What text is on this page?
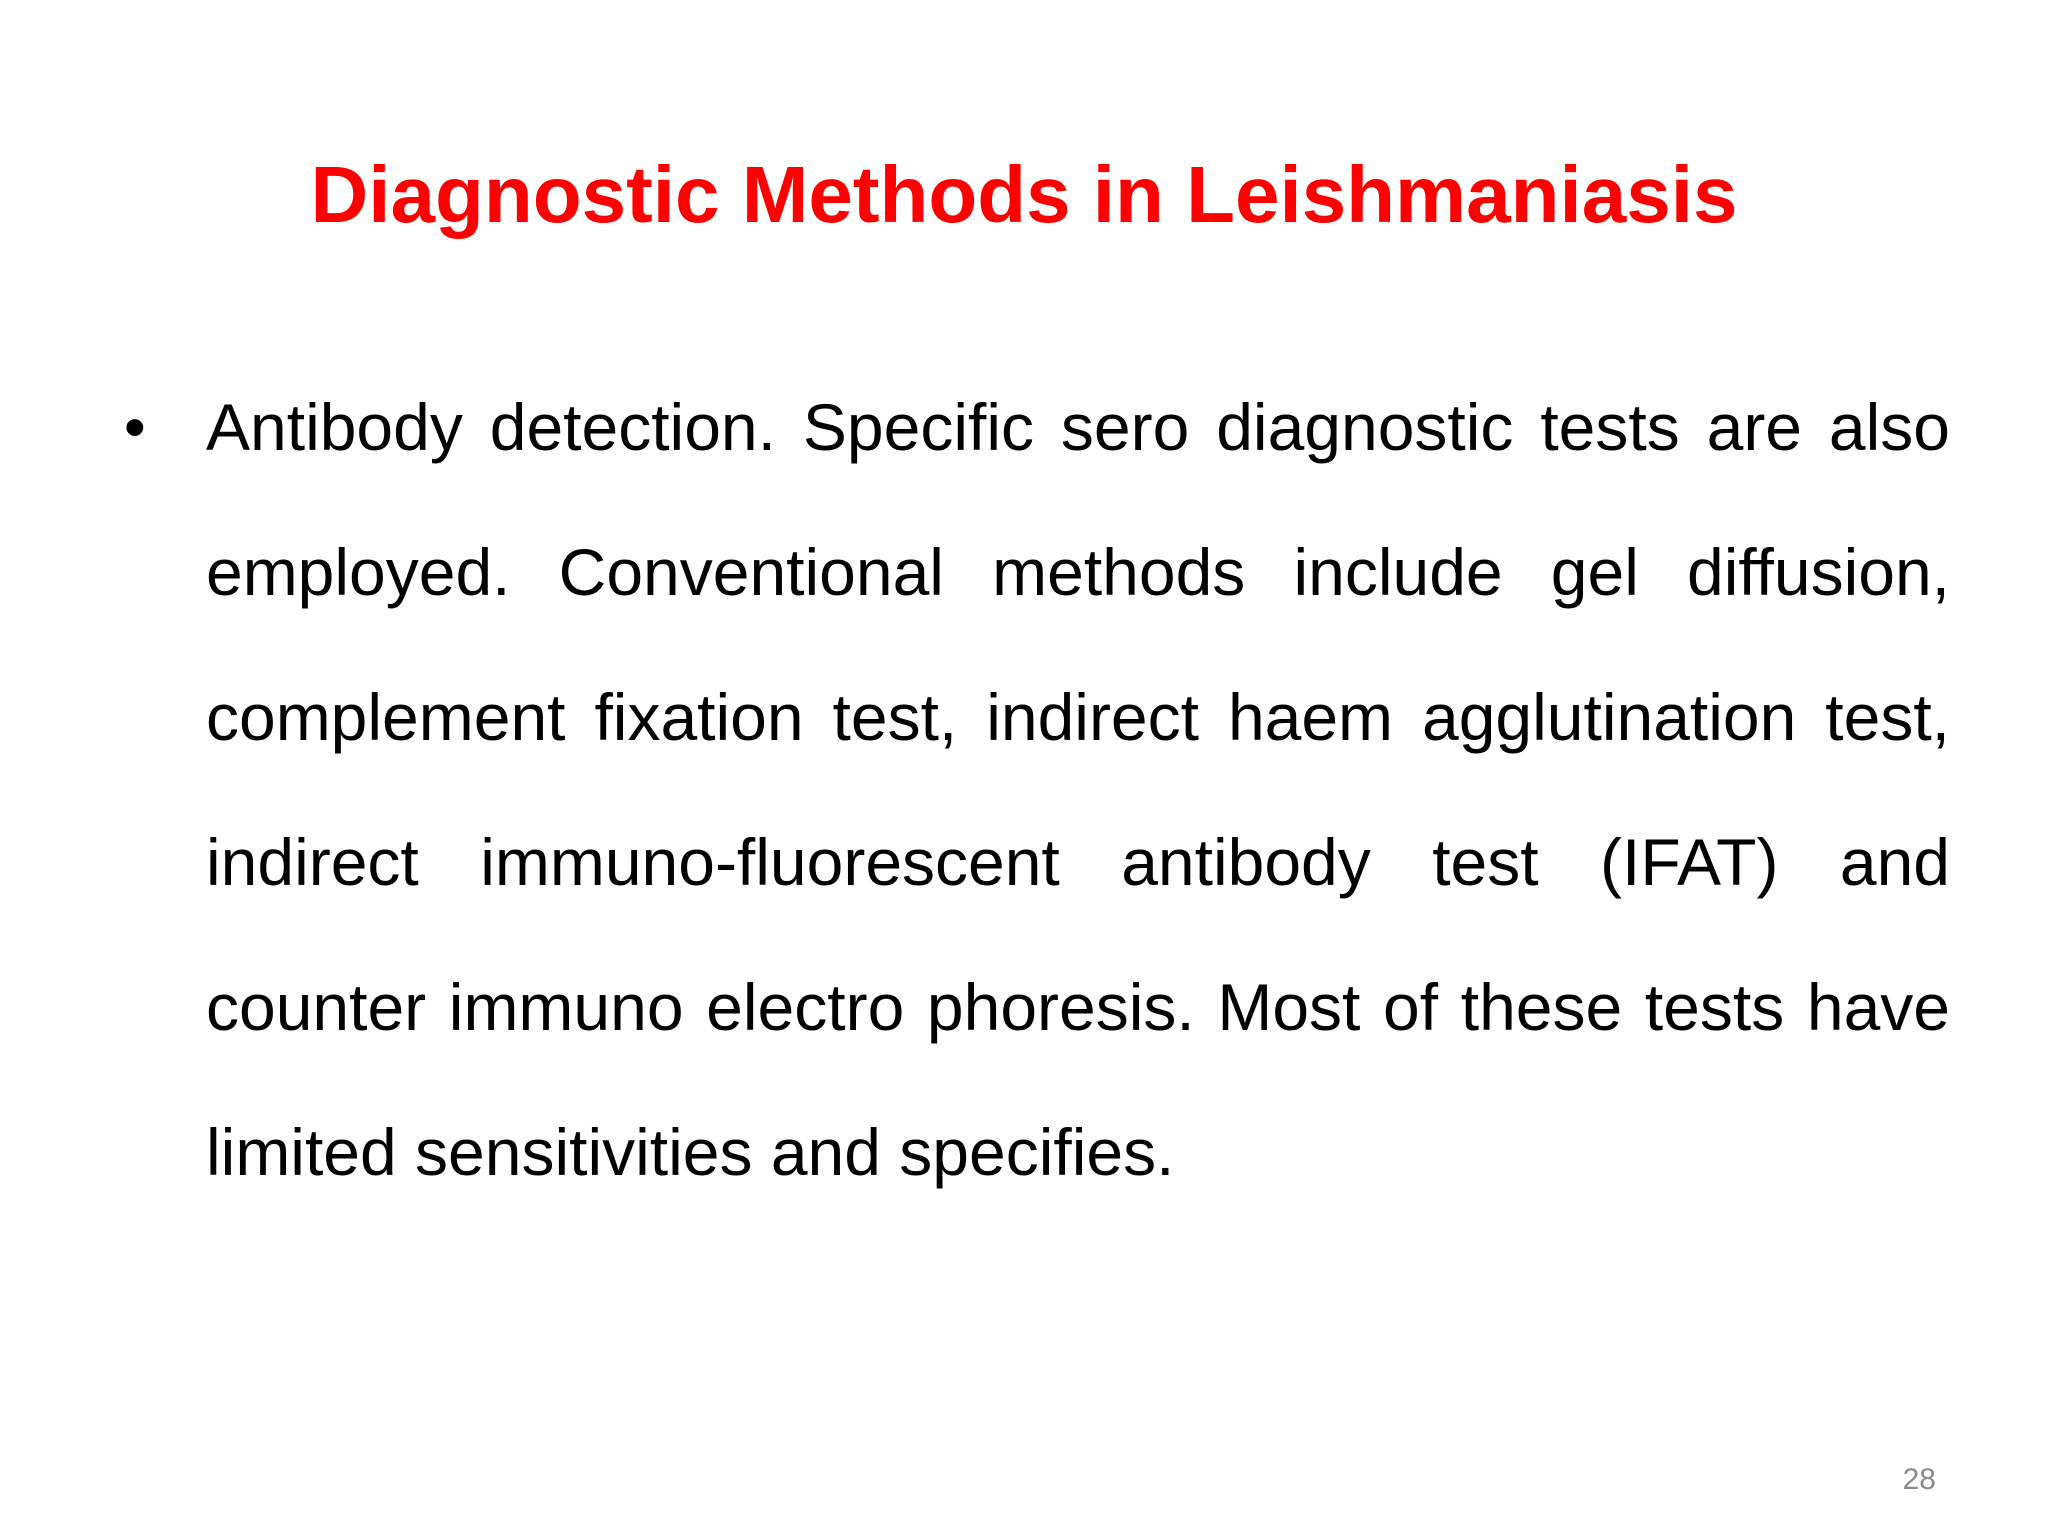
Diagnostic Methods in Leishmaniasis
• Antibody detection. Specific sero diagnostic tests are also employed. Conventional methods include gel diffusion, complement fixation test, indirect haem agglutination test, indirect immuno-fluorescent antibody test (IFAT) and counter immuno electro phoresis. Most of these tests have limited sensitivities and specifies.

28
